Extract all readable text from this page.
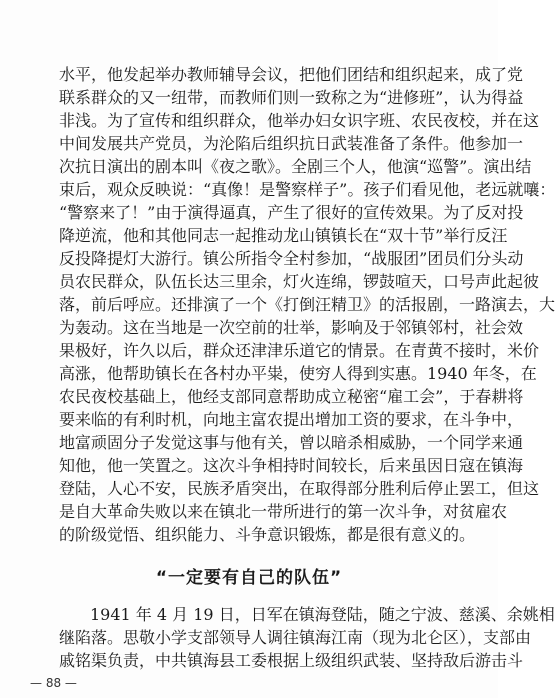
水平，他发起举办教师辅导会议，把他们团结和组织起来，成了党
联系群众的又一纽带，而教师们则一致称之为“进修班”，认为得益
非浅。为了宣传和组织群众，他举办妇女识字班、农民夜校，并在这
中间发展共产党员，为沦陷后组织抗日武装准备了条件。他参加一
次抗日演出的剧本叫《夜之歌》。全剧三个人，他演“巡警”。演出结
束后，观众反映说：“真像！是警察样子”。孩子们看见他，老远就嚷：
“警察来了！”由于演得逼真，产生了很好的宣传效果。为了反对投
降逆流，他和其他同志一起推动龙山镇镇长在“双十节”举行反汪
反投降提灯大游行。镇公所指令全村参加，“战服团”团员们分头动
员农民群众，队伍长达三里余，灯火连绵，锣鼓喧天，口号声此起彼
落，前后呼应。还排演了一个《打倒汪精卫》的活报剧，一路演去，大
为轰动。这在当地是一次空前的壮举，影响及于邻镇邻村，社会效
果极好，许久以后，群众还津津乐道它的情景。在青黄不接时，米价
高涨，他帮助镇长在各村办平粜，使穷人得到实惠。1940 年冬，在
农民夜校基础上，他经支部同意帮助成立秘密“雇工会”，于春耕将
要来临的有利时机，向地主富农提出增加工资的要求，在斗争中，
地富顽固分子发觉这事与他有关，曾以暗杀相威胁，一个同学来通
知他，他一笑置之。这次斗争相持时间较长，后来虽因日寇在镇海
登陆，人心不安，民族矛盾突出，在取得部分胜利后停止罢工，但这
是自大革命失败以来在镇北一带所进行的第一次斗争，对贫雇农
的阶级觉悟、组织能力、斗争意识锻炼，都是很有意义的。
“一定要有自己的队伍”
1941 年 4 月 19 日，日军在镇海登陆，随之宁波、慈溪、余姚相
继陷落。思敬小学支部领导人调往镇海江南（现为北仑区），支部由
戚铭渠负责，中共镇海县工委根据上级组织武装、坚持敌后游击斗
— 88 —
